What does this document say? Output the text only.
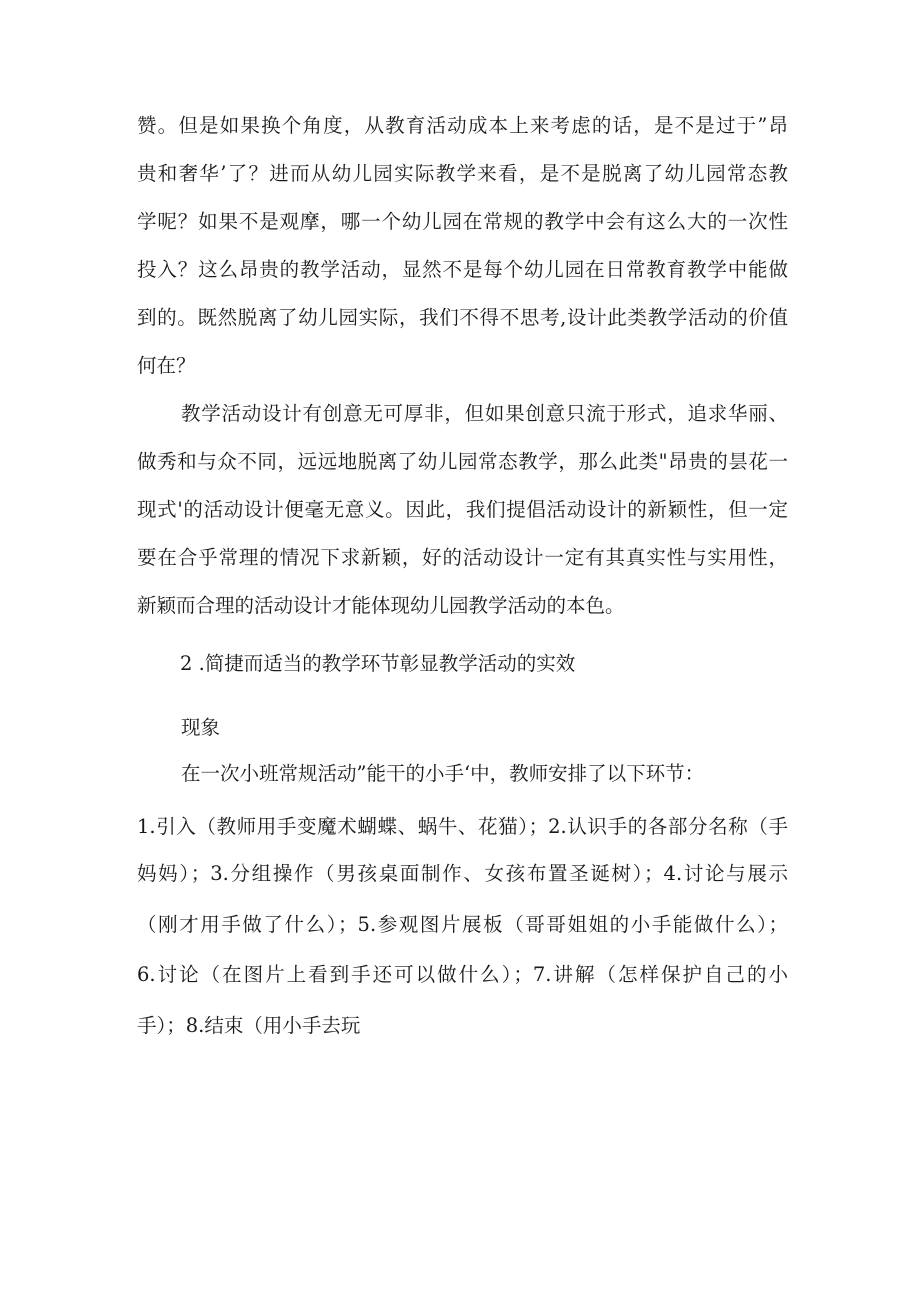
赞。但是如果换个角度，从教育活动成本上来考虑的话，是不是过于”昂

贵和奢华’了？进而从幼儿园实际教学来看，是不是脱离了幼儿园常态教

学呢？如果不是观摩，哪一个幼儿园在常规的教学中会有这么大的一次性

投入？这么昂贵的教学活动，显然不是每个幼儿园在日常教育教学中能做

到的。既然脱离了幼儿园实际，我们不得不思考,设计此类教学活动的价值

何在？

教学活动设计有创意无可厚非，但如果创意只流于形式，追求华丽、

做秀和与众不同，远远地脱离了幼儿园常态教学，那么此类"昂贵的昙花一

现式'的活动设计便毫无意义。因此，我们提倡活动设计的新颖性，但一定

要在合乎常理的情况下求新颖，好的活动设计一定有其真实性与实用性，

新颖而合理的活动设计才能体现幼儿园教学活动的本色。

2 .简捷而适当的教学环节彰显教学活动的实效
现象

在一次小班常规活动”能干的小手‘中，教师安排了以下环节：

1.引入（教师用手变魔术蝴蝶、蜗牛、花猫）；2.认识手的各部分名称（手

妈妈）；3.分组操作（男孩桌面制作、女孩布置圣诞树）；4.讨论与展示

（刚才用手做了什么）；5.参观图片展板（哥哥姐姐的小手能做什么）；

6.讨论（在图片上看到手还可以做什么）；7.讲解（怎样保护自己的小

手）；8.结束（用小手去玩
